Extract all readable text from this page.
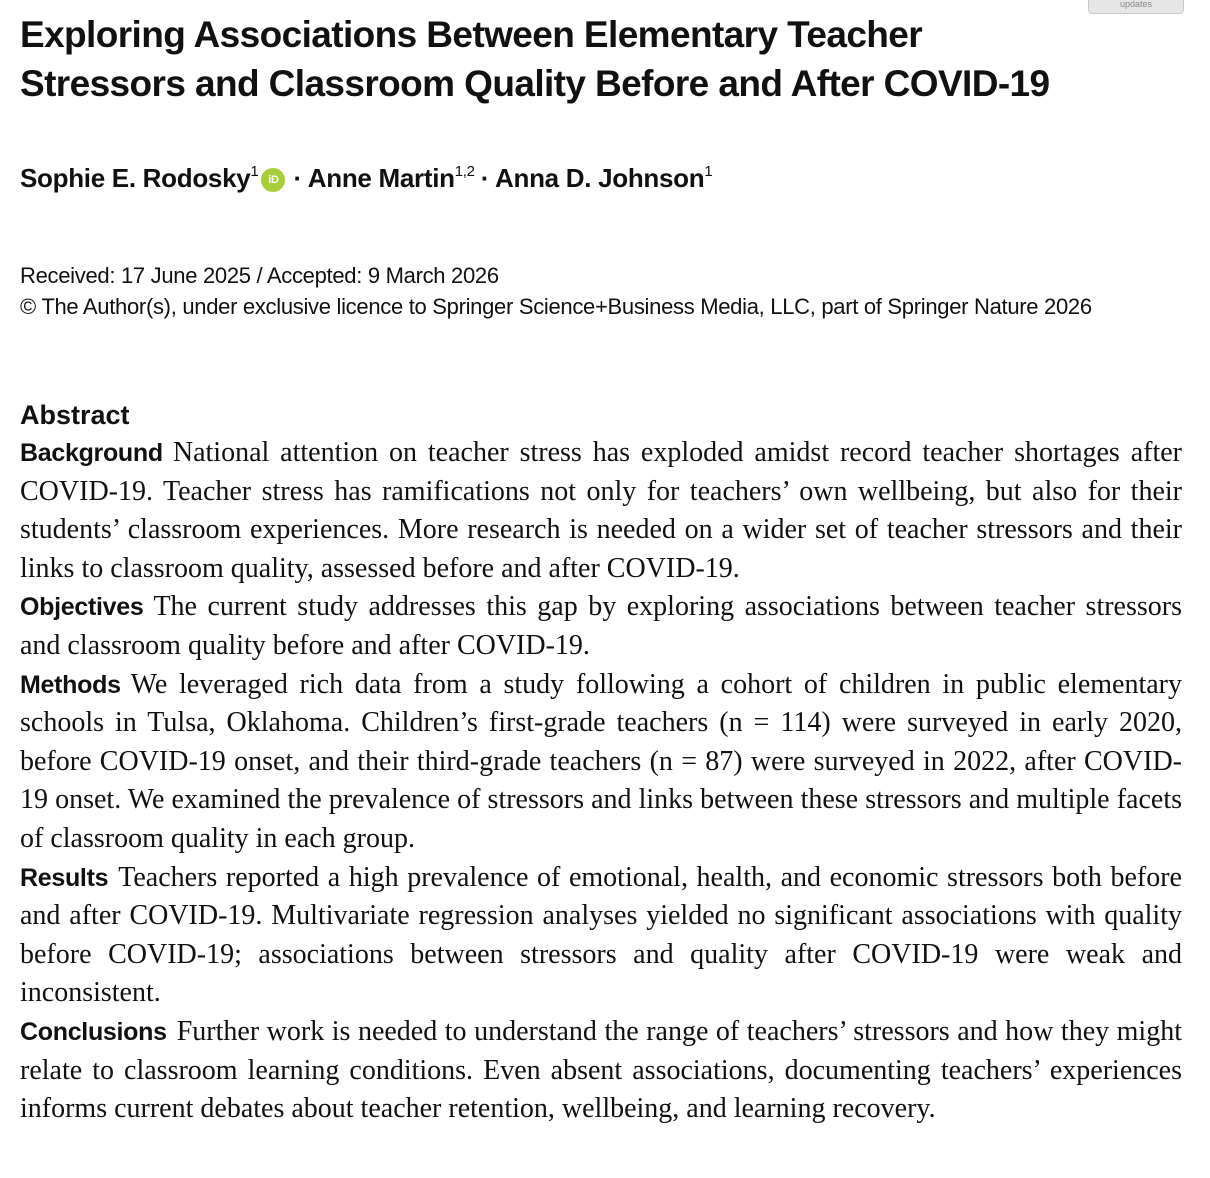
updates
Exploring Associations Between Elementary Teacher Stressors and Classroom Quality Before and After COVID-19

Sophie E. Rodosky$^1$ iD · Anne Martin$^{1,2}$ · Anna D. Johnson$^1$

Received: 17 June 2025 / Accepted: 9 March 2026
© The Author(s), under exclusive licence to Springer Science+Business Media, LLC, part of Springer Nature 2026
Abstract

Background National attention on teacher stress has exploded amidst record teacher shortages after COVID-19. Teacher stress has ramifications not only for teachers’ own wellbeing, but also for their students’ classroom experiences. More research is needed on a wider set of teacher stressors and their links to classroom quality, assessed before and after COVID-19.

Objectives The current study addresses this gap by exploring associations between teacher stressors and classroom quality before and after COVID-19.

Methods We leveraged rich data from a study following a cohort of children in public elementary schools in Tulsa, Oklahoma. Children’s first-grade teachers (n = 114) were surveyed in early 2020, before COVID-19 onset, and their third-grade teachers (n = 87) were surveyed in 2022, after COVID-19 onset. We examined the prevalence of stressors and links between these stressors and multiple facets of classroom quality in each group.

Results Teachers reported a high prevalence of emotional, health, and economic stressors both before and after COVID-19. Multivariate regression analyses yielded no significant associations with quality before COVID-19; associations between stressors and quality after COVID-19 were weak and inconsistent.

Conclusions Further work is needed to understand the range of teachers’ stressors and how they might relate to classroom learning conditions. Even absent associations, documenting teachers’ experiences informs current debates about teacher retention, wellbeing, and learning recovery.
